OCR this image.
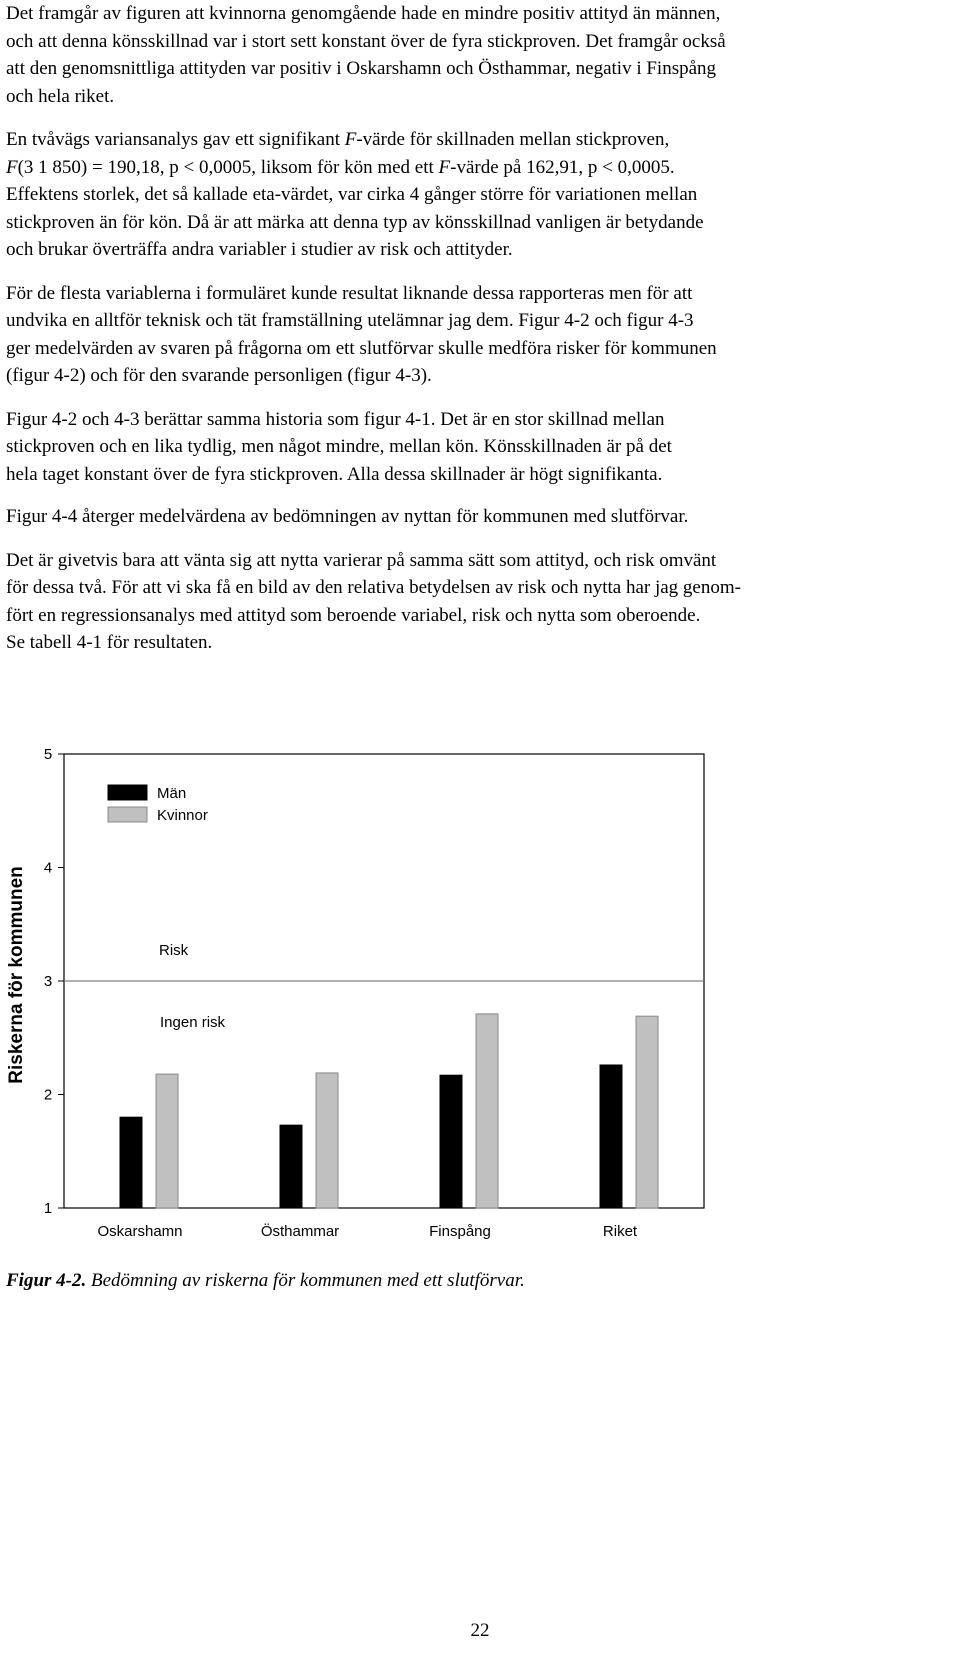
Det framgår av figuren att kvinnorna genomgående hade en mindre positiv attityd än männen,
och att denna könsskillnad var i stort sett konstant över de fyra stickproven. Det framgår också
att den genomsnittliga attityden var positiv i Oskarshamn och Östhammar, negativ i Finspång
och hela riket.

En tvåvägs variansanalys gav ett signifikant F-värde för skillnaden mellan stickproven,
F(3 1 850) = 190,18, p < 0,0005, liksom för kön med ett F-värde på 162,91, p < 0,0005.
Effektens storlek, det så kallade eta-värdet, var cirka 4 gånger större för variationen mellan
stickproven än för kön. Då är att märka att denna typ av könsskillnad vanligen är betydande
och brukar överträffa andra variabler i studier av risk och attityder.

För de flesta variablerna i formuläret kunde resultat liknande dessa rapporteras men för att
undvika en alltför teknisk och tät framställning utelämnar jag dem. Figur 4-2 och figur 4-3
ger medelvärden av svaren på frågorna om ett slutförvar skulle medföra risker för kommunen
(figur 4-2) och för den svarande personligen (figur 4-3).

Figur 4-2 och 4-3 berättar samma historia som figur 4-1. Det är en stor skillnad mellan
stickproven och en lika tydlig, men något mindre, mellan kön. Könsskillnaden är på det
hela taget konstant över de fyra stickproven. Alla dessa skillnader är högt signifikanta.

Figur 4-4 återger medelvärdena av bedömningen av nyttan för kommunen med slutförvar.

Det är givetvis bara att vänta sig att nytta varierar på samma sätt som attityd, och risk omvänt
för dessa två. För att vi ska få en bild av den relativa betydelsen av risk och nytta har jag genom-
fört en regressionsanalys med attityd som beroende variabel, risk och nytta som oberoende.
Se tabell 4-1 för resultaten.

1
2
3
4
5
Oskarshamn	Östhammar	Finspång	Riket
Riskerna för kommunen	Risk
Ingen risk
Män
Kvinnor
Figur 4-2. Bedömning av riskerna för kommunen med ett slutförvar.
22
